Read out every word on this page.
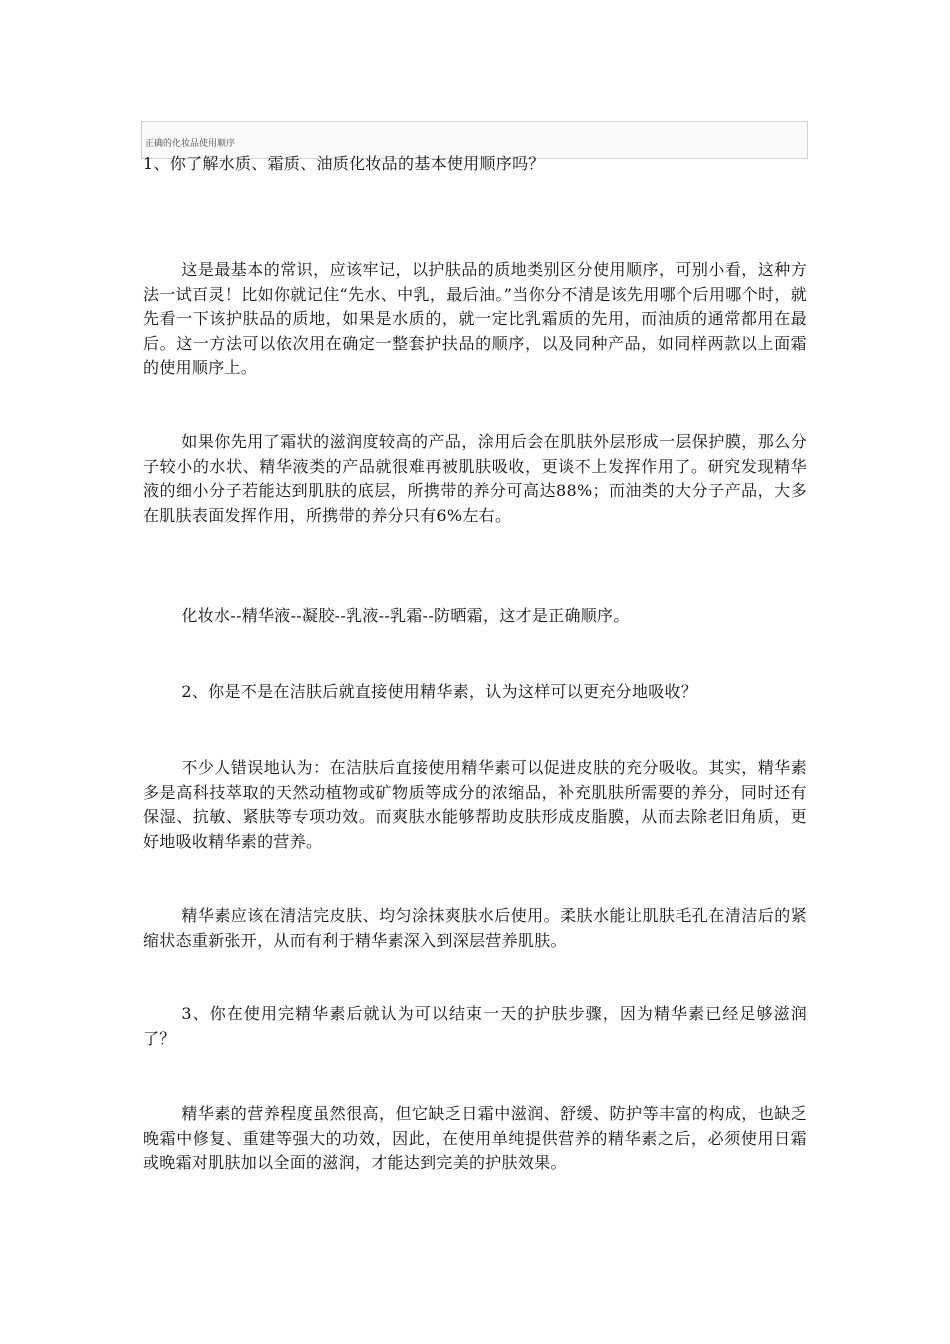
正确的化妆品使用顺序

1、你了解水质、霜质、油质化妆品的基本使用顺序吗？

这是最基本的常识，应该牢记，以护肤品的质地类别区分使用顺序，可别小看，这种方法一试百灵！比如你就记住“先水、中乳，最后油。”当你分不清是该先用哪个后用哪个时，就先看一下该护肤品的质地，如果是水质的，就一定比乳霜质的先用，而油质的通常都用在最后。这一方法可以依次用在确定一整套护扶品的顺序，以及同种产品，如同样两款以上面霜的使用顺序上。

如果你先用了霜状的滋润度较高的产品，涂用后会在肌肤外层形成一层保护膜，那么分子较小的水状、精华液类的产品就很难再被肌肤吸收，更谈不上发挥作用了。研究发现精华液的细小分子若能达到肌肤的底层，所携带的养分可高达88%；而油类的大分子产品，大多在肌肤表面发挥作用，所携带的养分只有6%左右。

化妆水--精华液--凝胶--乳液--乳霜--防晒霜，这才是正确顺序。

2、你是不是在洁肤后就直接使用精华素，认为这样可以更充分地吸收？

不少人错误地认为：在洁肤后直接使用精华素可以促进皮肤的充分吸收。其实，精华素多是高科技萃取的天然动植物或矿物质等成分的浓缩品，补充肌肤所需要的养分，同时还有保湿、抗敏、紧肤等专项功效。而爽肤水能够帮助皮肤形成皮脂膜，从而去除老旧角质，更好地吸收精华素的营养。

精华素应该在清洁完皮肤、均匀涂抹爽肤水后使用。柔肤水能让肌肤毛孔在清洁后的紧缩状态重新张开，从而有利于精华素深入到深层营养肌肤。

3、你在使用完精华素后就认为可以结束一天的护肤步骤，因为精华素已经足够滋润了？

精华素的营养程度虽然很高，但它缺乏日霜中滋润、舒缓、防护等丰富的构成，也缺乏晚霜中修复、重建等强大的功效，因此，在使用单纯提供营养的精华素之后，必须使用日霜或晚霜对肌肤加以全面的滋润，才能达到完美的护肤效果。
